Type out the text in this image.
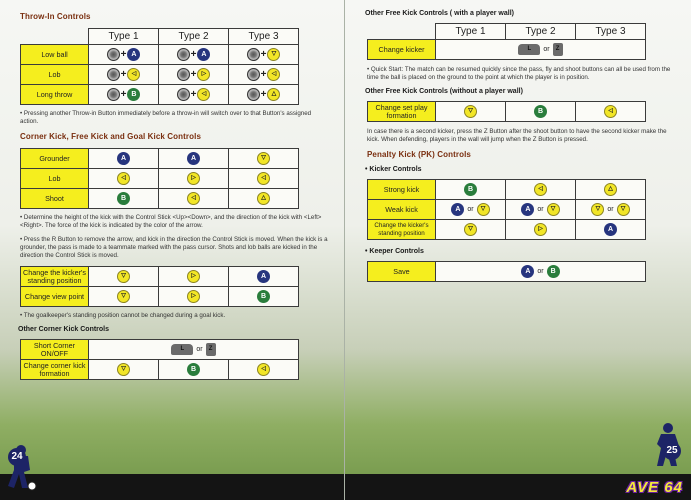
Throw-In Controls
	Type 1	Type 2	Type 3
Low ball	+ A	+ A	+ ▽
Lob	+ ◁	+ ▷	+ ◁
Long throw	+ B	+ ◁	+ △

• Pressing another Throw-in Button immediately before a throw-in will switch over to that Button's assigned action.

Corner Kick, Free Kick and Goal Kick Controls
Grounder	A	A	▽
Lob	◁	▷	◁
Shoot	B	◁	△

• Determine the height of the kick with the Control Stick <Up><Down>, and the direction of the kick with <Left><Right>. The force of the kick is indicated by the color of the arrow.

• Press the R Button to remove the arrow, and kick in the direction the Control Stick is moved. When the kick is a grounder, the pass is made to a teammate marked with the pass cursor. Shots and lob balls are kicked in the direction the Control Stick is moved.

Change the kicker's standing position	▽	▷	A
Change view point	▽	▷	B

• The goalkeeper's standing position cannot be changed during a goal kick.

Other Corner Kick Controls
Short Corner ON/OFF	L or Z		
Change corner kick formation	▽	B	◁
24
Other Free Kick Controls ( with a player wall)
	Type 1	Type 2	Type 3
Change kicker	L or Z		

• Quick Start: The match can be resumed quickly since the pass, fly and shoot buttons can all be used from the time the ball is placed on the ground to the point at which the player is in position.

Other Free Kick Controls (without a player wall)
Change set play formation	▽	B	◁

In case there is a second kicker, press the Z Button after the shoot button to have the second kicker make the kick. When defending, players in the wall will jump when the Z Button is pressed.

Penalty Kick (PK) Controls
• Kicker Controls
Strong kick	B	◁	△
Weak kick	A or ▽	A or ▽	▽ or ▽
Change the kicker's standing position	▽	▷	A
• Keeper Controls
Save	A or B
25
AVE 64
